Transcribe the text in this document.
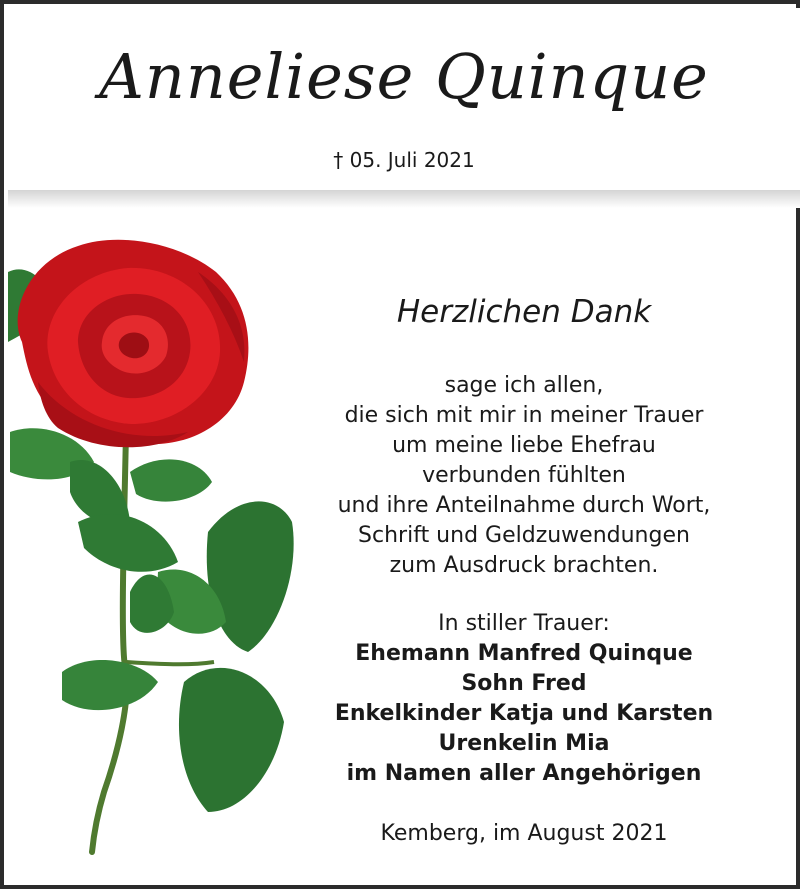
Anneliese Quinque
† 05. Juli 2021
Herzlichen Dank
sage ich allen,
die sich mit mir in meiner Trauer
um meine liebe Ehefrau
verbunden fühlten
und ihre Anteilnahme durch Wort,
Schrift und Geldzuwendungen
zum Ausdruck brachten.
In stiller Trauer:
Ehemann Manfred Quinque
Sohn Fred
Enkelkinder Katja und Karsten
Urenkelin Mia
im Namen aller Angehörigen
Kemberg, im August 2021
